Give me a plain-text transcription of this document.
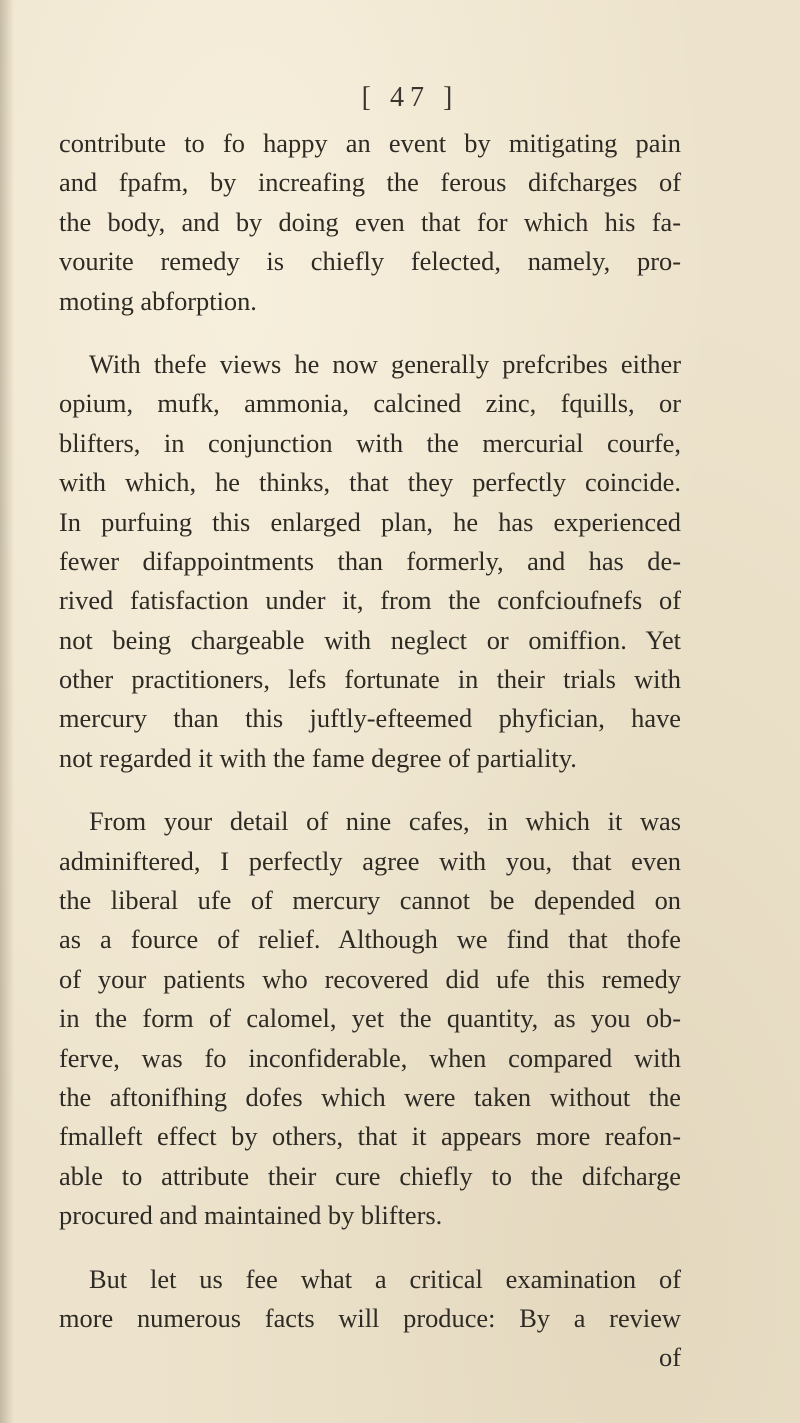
[ 47 ]
contribute to fo happy an event by mitigating pain
and fpafm, by increafing the ferous difcharges of
the body, and by doing even that for which his fa-
vourite remedy is chiefly felected, namely, pro-
moting abforption.
With thefe views he now generally prefcribes either
opium, mufk, ammonia, calcined zinc, fquills, or
blifters, in conjunction with the mercurial courfe,
with which, he thinks, that they perfectly coincide.
In purfuing this enlarged plan, he has experienced
fewer difappointments than formerly, and has de-
rived fatisfaction under it, from the confcioufnefs of
not being chargeable with neglect or omiffion. Yet
other practitioners, lefs fortunate in their trials with
mercury than this juftly-efteemed phyfician, have
not regarded it with the fame degree of partiality.
From your detail of nine cafes, in which it was
adminiftered, I perfectly agree with you, that even
the liberal ufe of mercury cannot be depended on
as a fource of relief. Although we find that thofe
of your patients who recovered did ufe this remedy
in the form of calomel, yet the quantity, as you ob-
ferve, was fo inconfiderable, when compared with
the aftonifhing dofes which were taken without the
fmalleft effect by others, that it appears more reafon-
able to attribute their cure chiefly to the difcharge
procured and maintained by blifters.
But let us fee what a critical examination of
more numerous facts will produce: By a review
of
